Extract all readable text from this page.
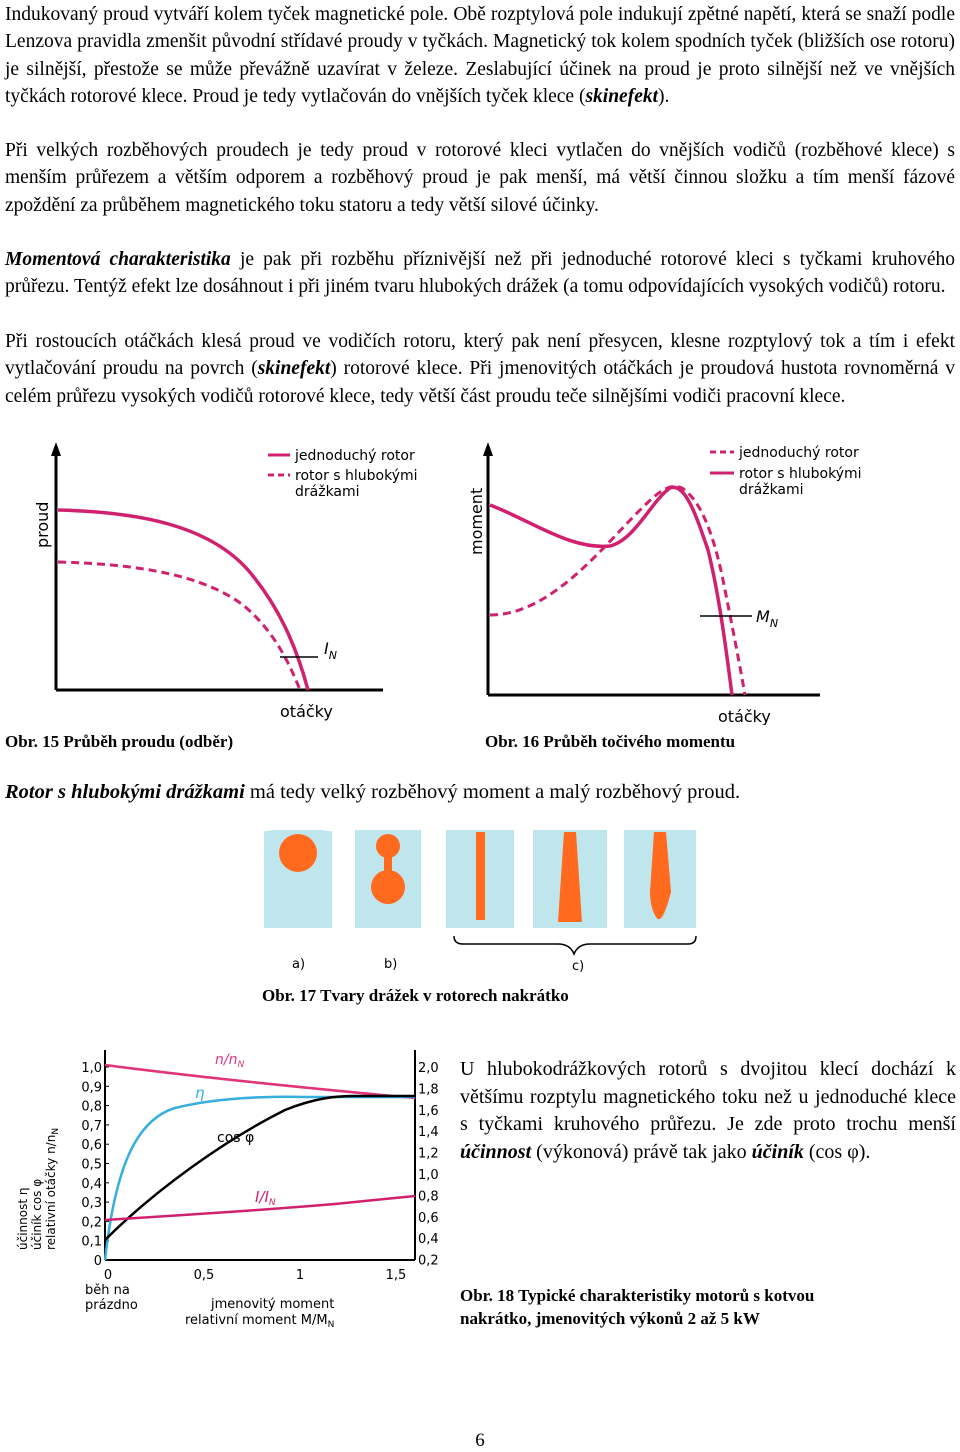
Indukovaný proud vytváří kolem tyček magnetické pole. Obě rozptylová pole indukují zpětné napětí, která se snaží podle Lenzova pravidla zmenšit původní střídavé proudy v tyčkách. Magnetický tok kolem spodních tyček (bližších ose rotoru) je silnější, přestože se může převážně uzavírat v železe. Zeslabující účinek na proud je proto silnější než ve vnějších tyčkách rotorové klece. Proud je tedy vytlačován do vnějších tyček klece (skinefekt).

Při velkých rozběhových proudech je tedy proud v rotorové kleci vytlačen do vnějších vodičů (rozběhové klece) s menším průřezem a větším odporem a rozběhový proud je pak menší, má větší činnou složku a tím menší fázové zpoždění za průběhem magnetického toku statoru a tedy větší silové účinky.

Momentová charakteristika je pak při rozběhu příznivější než při jednoduché rotorové kleci s tyčkami kruhového průřezu. Tentýž efekt lze dosáhnout i při jiném tvaru hlubokých drážek (a tomu odpovídajících vysokých vodičů) rotoru.

Při rostoucích otáčkách klesá proud ve vodičích rotoru, který pak není přesycen, klesne rozptylový tok a tím i efekt vytlačování proudu na povrch (skinefekt) rotorové klece. Při jmenovitých otáčkách je proudová hustota rovnoměrná v celém průřezu vysokých vodičů rotorové klece, tedy větší část proudu teče silnějšími vodiči pracovní klece.

proud
otáčky
jednoduchý rotor
rotor s hlubokými
drážkami
$I_N$

Obr. 15 Průběh proudu (odběr)

moment
otáčky
jednoduchý rotor
rotor s hlubokými
drážkami
$M_N$

Obr. 16 Průběh točivého momentu

Rotor s hlubokými drážkami má tedy velký rozběhový moment a malý rozběhový proud.

a)	b)	c)

Obr. 17 Tvary drážek v rotorech nakrátko

1,0
0,9
0,8
0,7
0,6
0,5
0,4
0,3
0,2
0,1
0
2,0
1,8
1,6
1,4
1,2
1,0
0,8
0,6
0,4
0,2
0	0,5	1	1,5
účinnost η účiník cos φ relativní otáčky $n/n_N$
$n/n_N$
η
cos φ
$I/I_N$
běh na
prázdno	jmenovitý moment
relativní moment $M/M_N$

U hlubokodrážkových rotorů s dvojitou klecí dochází k většímu rozptylu magnetického toku než u jednoduché klece s tyčkami kruhového průřezu. Je zde proto trochu menší účinnost (výkonová) právě tak jako účiník (cos φ).

Obr. 18 Typické charakteristiky motorů s kotvou

nakrátko, jmenovitých výkonů 2 až 5 kW

6
